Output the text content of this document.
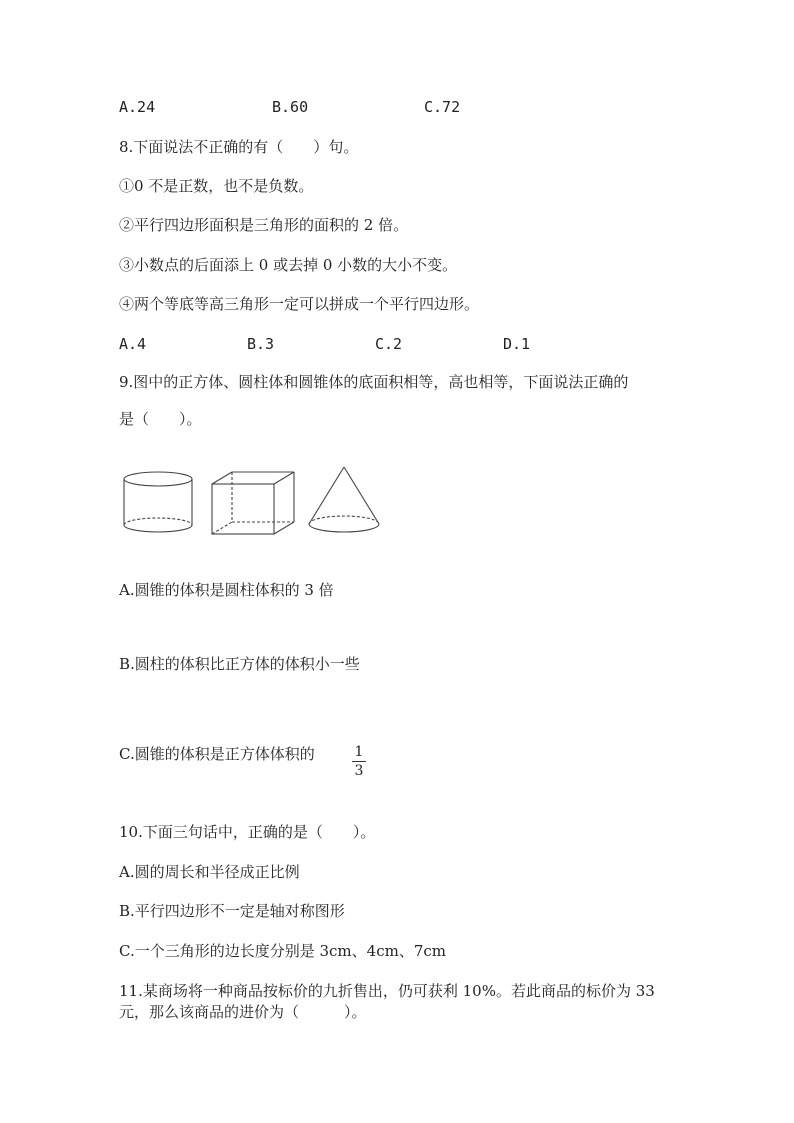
A.24	B.60	C.72
8.下面说法不正确的有（　　）句。
①0 不是正数，也不是负数。
②平行四边形面积是三角形的面积的 2 倍。
③小数点的后面添上 0 或去掉 0 小数的大小不变。
④两个等底等高三角形一定可以拼成一个平行四边形。
A.4	B.3	C.2	D.1
9.图中的正方体、圆柱体和圆锥体的底面积相等，高也相等，下面说法正确的
是（　　）。
A.圆锥的体积是圆柱体积的 3 倍
B.圆柱的体积比正方体的体积小一些
C.圆锥的体积是正方体体积的	1
3
10.下面三句话中，正确的是（　　）。
A.圆的周长和半径成正比例
B.平行四边形不一定是轴对称图形
C.一个三角形的边长度分别是 3cm、4cm、7cm
11.某商场将一种商品按标价的九折售出，仍可获利 10%。若此商品的标价为 33
元，那么该商品的进价为（　　　）。
